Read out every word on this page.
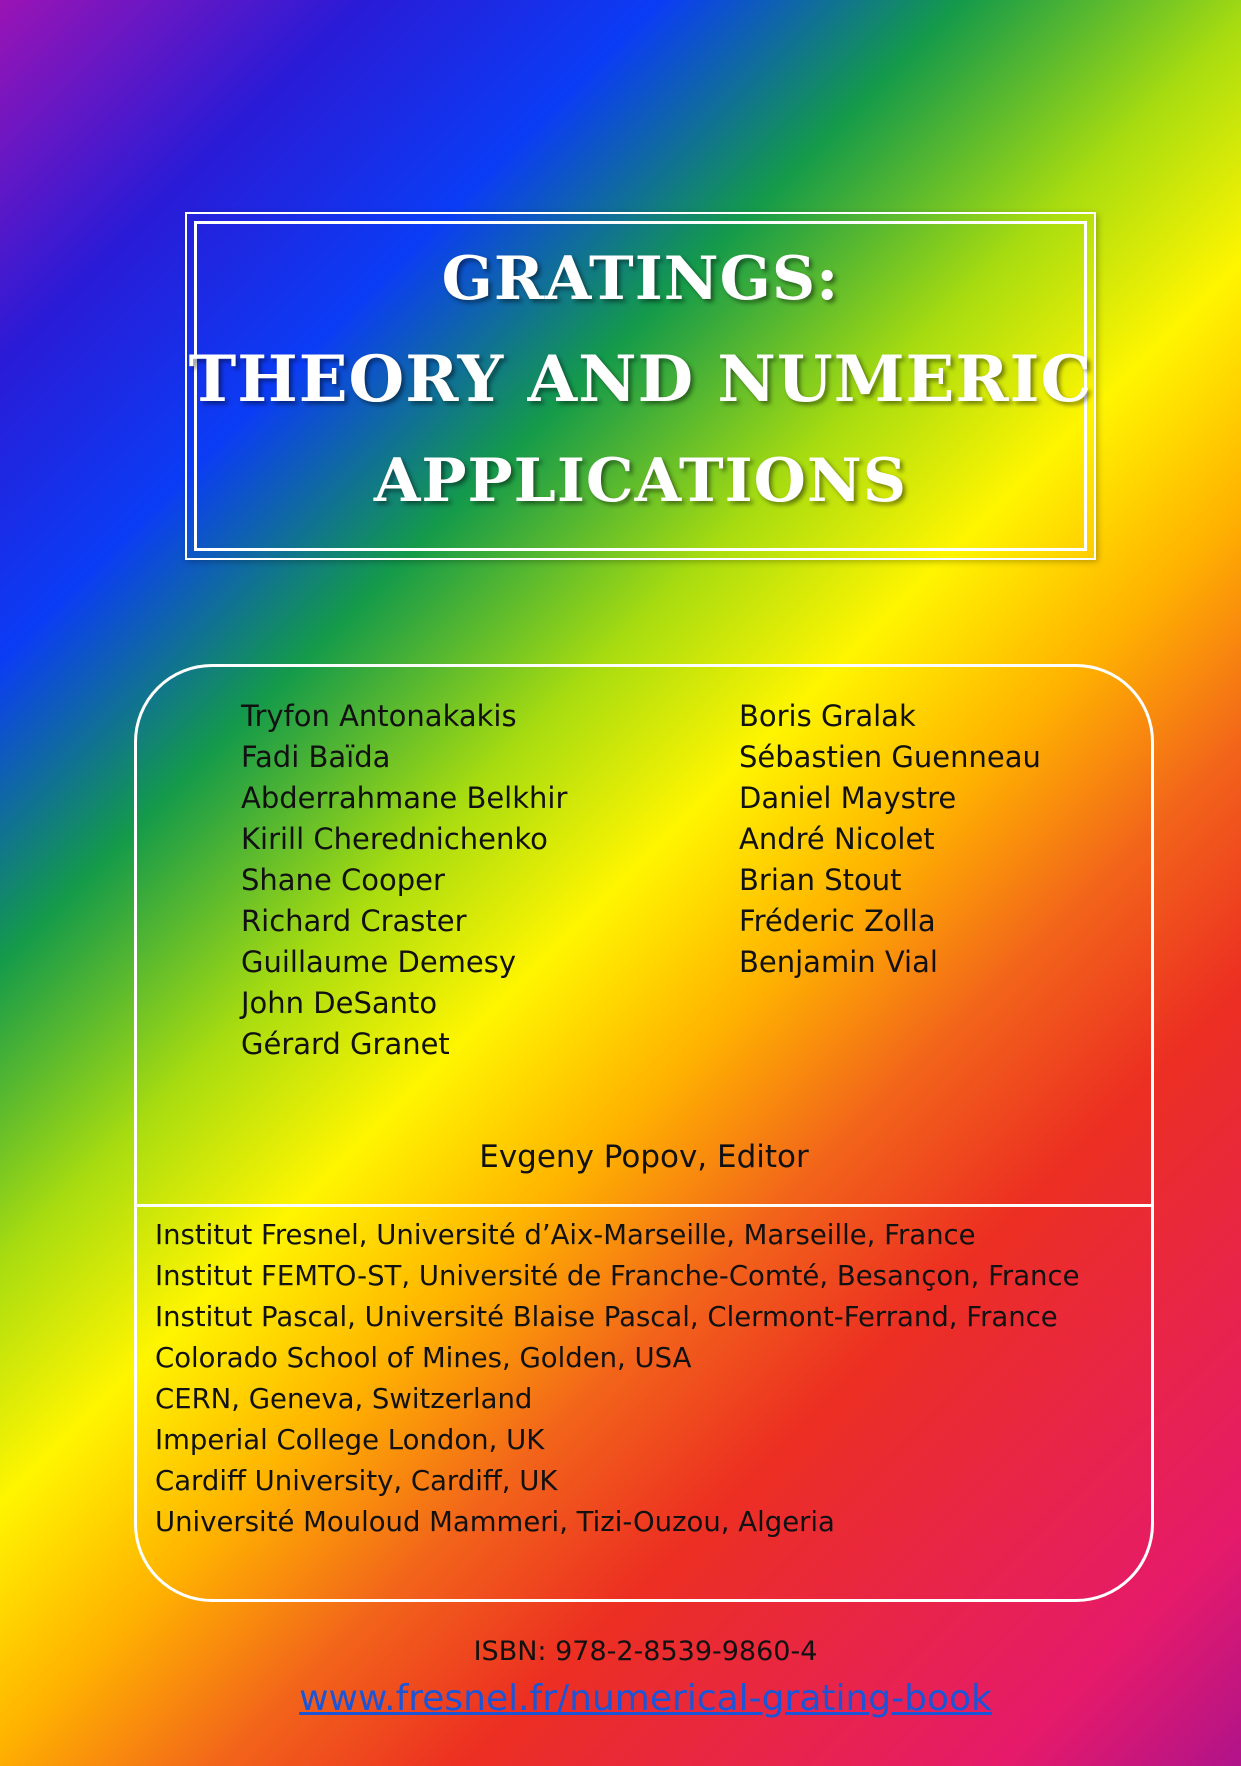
GRATINGS:
THEORY AND NUMERIC
APPLICATIONS
Tryfon Antonakakis
Fadi Baïda
Abderrahmane Belkhir
Kirill Cherednichenko
Shane Cooper
Richard Craster
Guillaume Demesy
John DeSanto
Gérard Granet
Boris Gralak
Sébastien Guenneau
Daniel Maystre
André Nicolet
Brian Stout
Fréderic Zolla
Benjamin Vial
Evgeny Popov, Editor
Institut Fresnel, Université d’Aix-Marseille, Marseille, France
Institut FEMTO-ST, Université de Franche-Comté, Besançon, France
Institut Pascal, Université Blaise Pascal, Clermont-Ferrand, France
Colorado School of Mines, Golden, USA
CERN, Geneva, Switzerland
Imperial College London, UK
Cardiff University, Cardiff, UK
Université Mouloud Mammeri, Tizi-Ouzou, Algeria
ISBN: 978-2-8539-9860-4
www.fresnel.fr/numerical-grating-book
